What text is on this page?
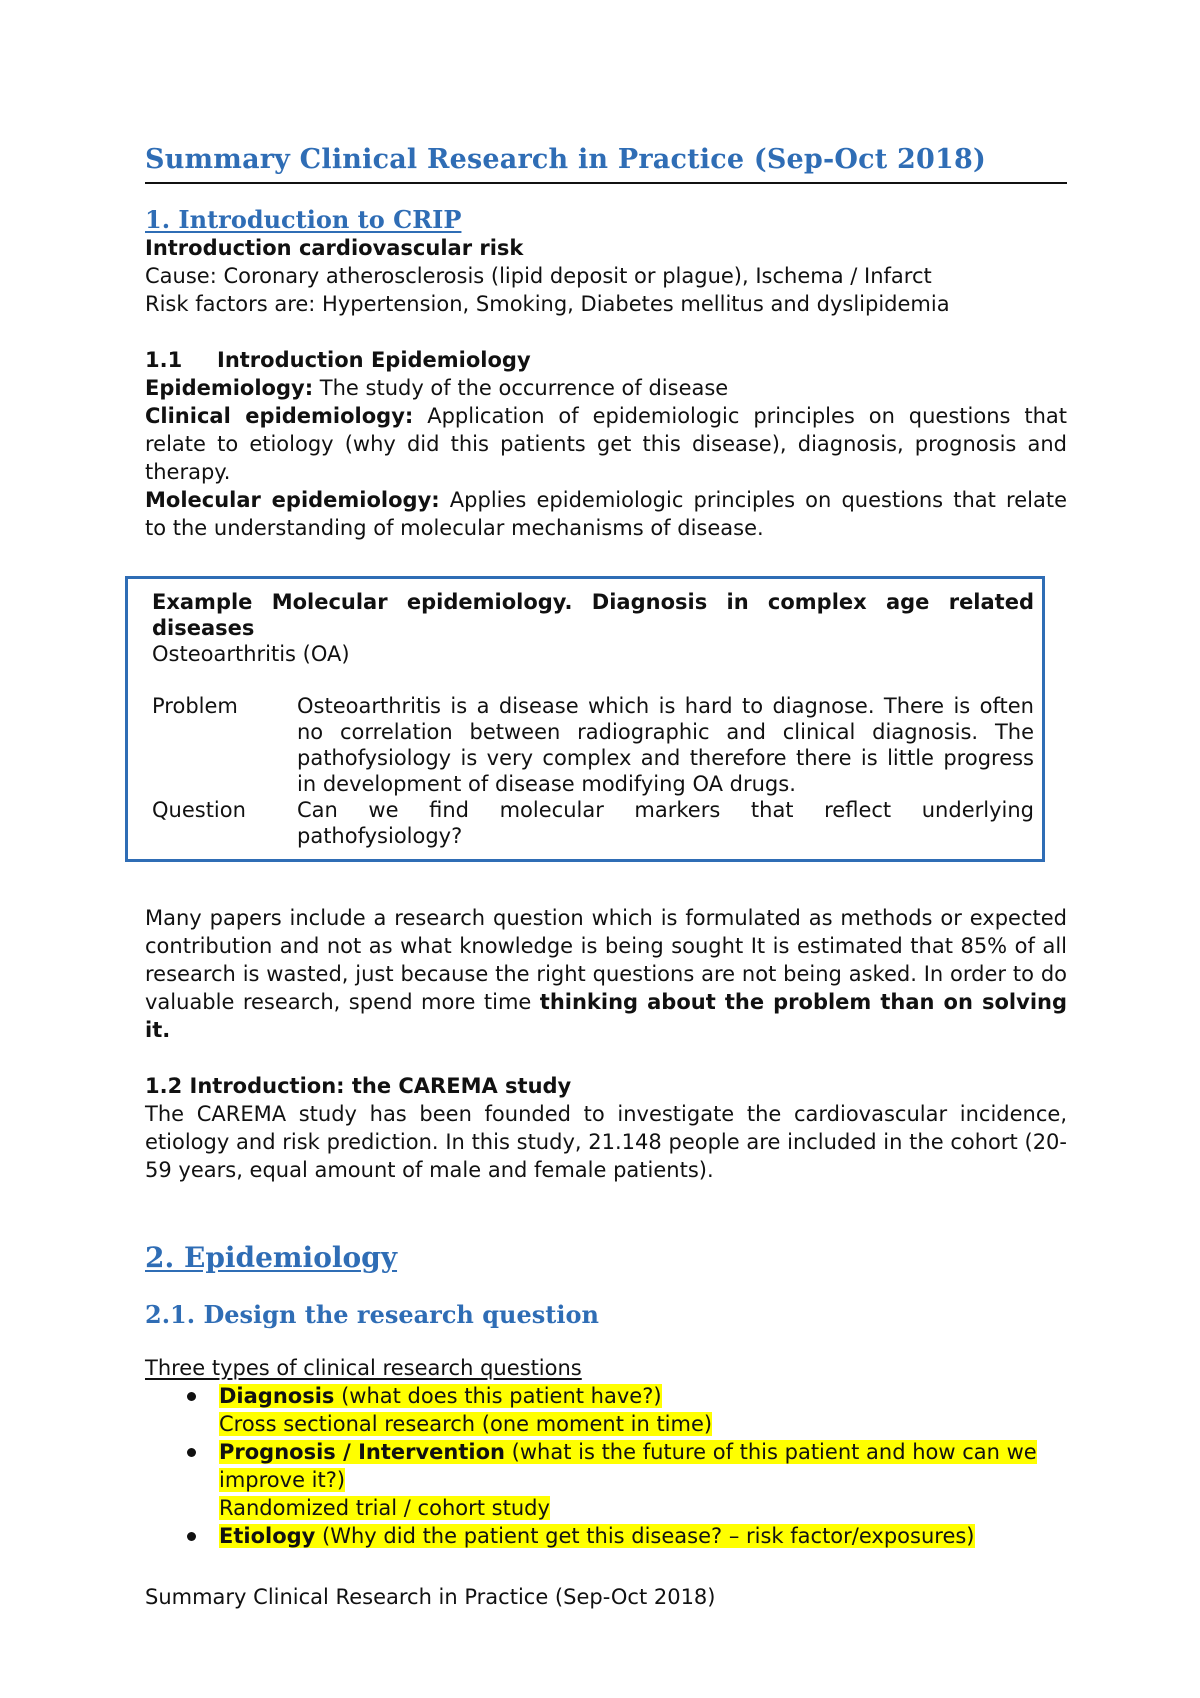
Summary Clinical Research in Practice (Sep-Oct 2018)
1. Introduction to CRIP
Introduction cardiovascular risk

Cause: Coronary atherosclerosis (lipid deposit or plague), Ischema / Infarct

Risk factors are: Hypertension, Smoking, Diabetes mellitus and dyslipidemia

1.1 Introduction Epidemiology

Epidemiology: The study of the occurrence of disease

Clinical epidemiology: Application of epidemiologic principles on questions that relate to etiology (why did this patients get this disease), diagnosis, prognosis and therapy.

Molecular epidemiology: Applies epidemiologic principles on questions that relate to the understanding of molecular mechanisms of disease.

Example Molecular epidemiology. Diagnosis in complex age related diseases
Osteoarthritis (OA)
Problem	Osteoarthritis is a disease which is hard to diagnose. There is often no correlation between radiographic and clinical diagnosis. The pathofysiology is very complex and therefore there is little progress in development of disease modifying OA drugs.
Question	Can we find molecular markers that reflect underlying pathofysiology?

Many papers include a research question which is formulated as methods or expected contribution and not as what knowledge is being sought It is estimated that 85% of all research is wasted, just because the right questions are not being asked. In order to do valuable research, spend more time thinking about the problem than on solving it.

1.2 Introduction: the CAREMA study

The CAREMA study has been founded to investigate the cardiovascular incidence, etiology and risk prediction. In this study, 21.148 people are included in the cohort (20-59 years, equal amount of male and female patients).

2. Epidemiology
2.1. Design the research question
Three types of clinical research questions
Diagnosis (what does this patient have?)
Cross sectional research (one moment in time)
Prognosis / Intervention (what is the future of this patient and how can we improve it?)
Randomized trial / cohort study
Etiology (Why did the patient get this disease? – risk factor/exposures)
Summary Clinical Research in Practice (Sep-Oct 2018)
